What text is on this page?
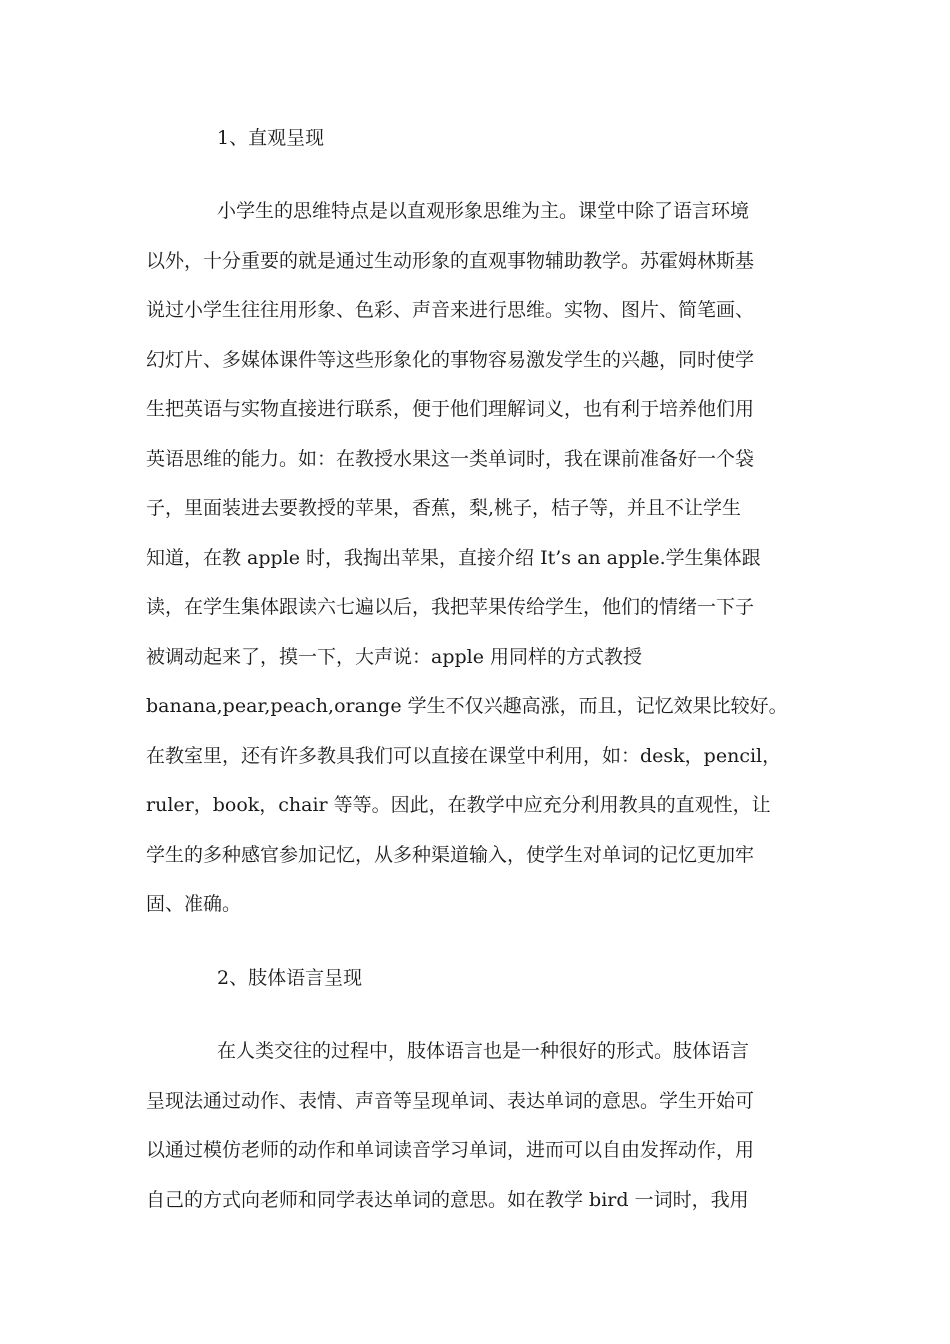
1、直观呈现
小学生的思维特点是以直观形象思维为主。课堂中除了语言环境
以外，十分重要的就是通过生动形象的直观事物辅助教学。苏霍姆林斯基
说过小学生往往用形象、色彩、声音来进行思维。实物、图片、简笔画、
幻灯片、多媒体课件等这些形象化的事物容易激发学生的兴趣，同时使学
生把英语与实物直接进行联系，便于他们理解词义，也有利于培养他们用
英语思维的能力。如：在教授水果这一类单词时，我在课前准备好一个袋
子，里面装进去要教授的苹果，香蕉，梨,桃子，桔子等，并且不让学生
知道，在教 apple 时，我掏出苹果，直接介绍 It’s an apple.学生集体跟
读，在学生集体跟读六七遍以后，我把苹果传给学生，他们的情绪一下子
被调动起来了，摸一下，大声说：apple 用同样的方式教授
banana,pear,peach,orange 学生不仅兴趣高涨，而且，记忆效果比较好。
在教室里，还有许多教具我们可以直接在课堂中利用，如：desk，pencil，
ruler，book，chair 等等。因此，在教学中应充分利用教具的直观性，让
学生的多种感官参加记忆，从多种渠道输入，使学生对单词的记忆更加牢
固、准确。
2、肢体语言呈现
在人类交往的过程中，肢体语言也是一种很好的形式。肢体语言
呈现法通过动作、表情、声音等呈现单词、表达单词的意思。学生开始可
以通过模仿老师的动作和单词读音学习单词，进而可以自由发挥动作，用
自己的方式向老师和同学表达单词的意思。如在教学 bird 一词时，我用
